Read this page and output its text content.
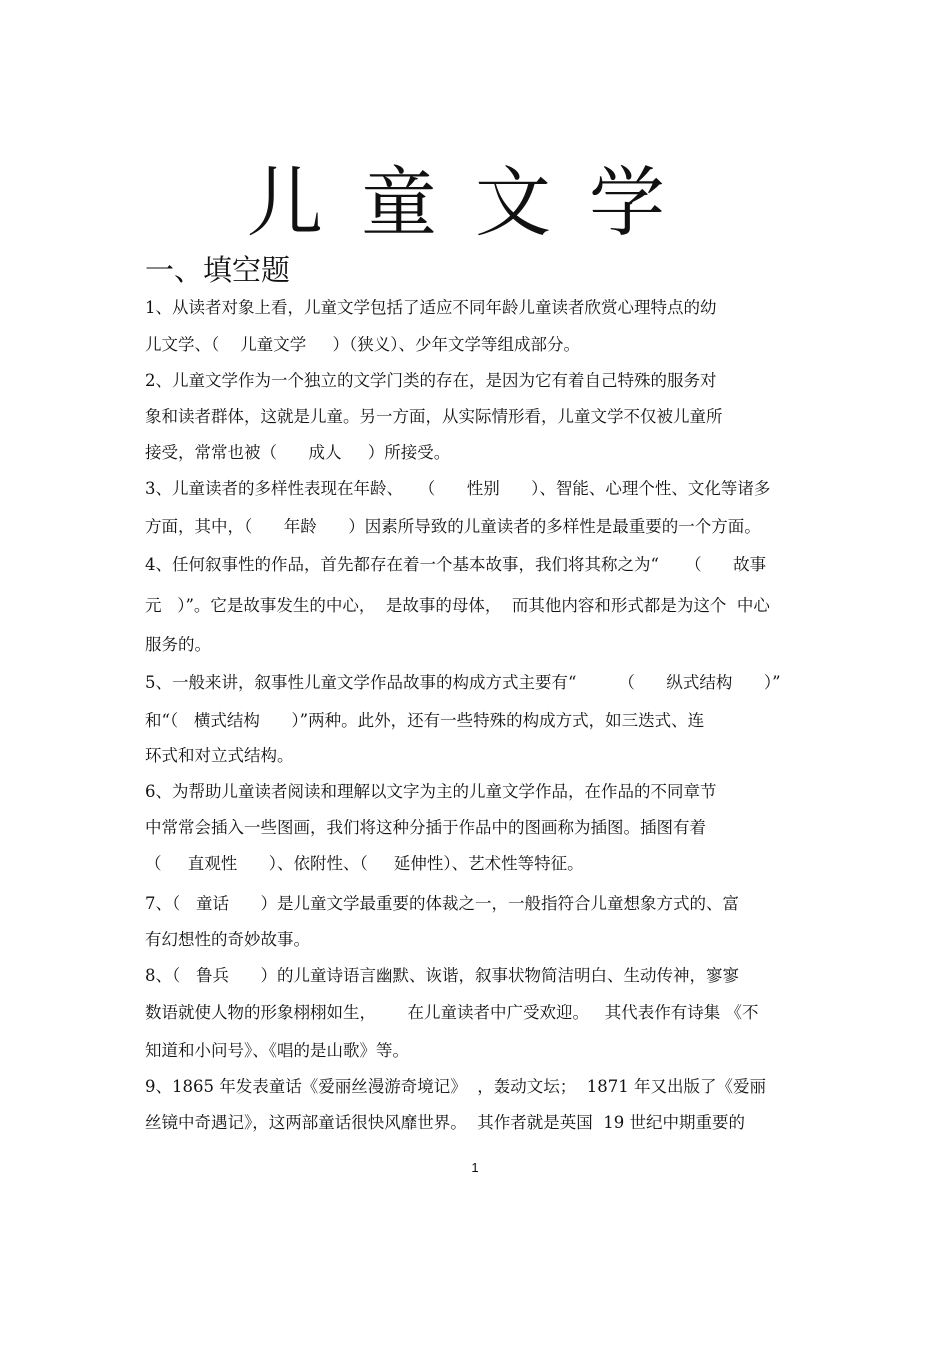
儿童文学
一、填空题
1、从读者对象上看，儿童文学包括了适应不同年龄儿童读者欣赏心理特点的幼
儿文学、（    儿童文学     ）（狭义）、少年文学等组成部分。
2、儿童文学作为一个独立的文学门类的存在，是因为它有着自己特殊的服务对
象和读者群体，这就是儿童。另一方面，从实际情形看，儿童文学不仅被儿童所
接受，常常也被（      成人     ）所接受。
3、儿童读者的多样性表现在年龄、   （      性别      ）、智能、心理个性、文化等诸多
方面，其中，（      年龄      ）因素所导致的儿童读者的多样性是最重要的一个方面。
4、任何叙事性的作品，首先都存在着一个基本故事，我们将其称之为“     （      故事
元   ）”。它是故事发生的中心，  是故事的母体，  而其他内容和形式都是为这个  中心
服务的。
5、一般来讲，叙事性儿童文学作品故事的构成方式主要有“        （      纵式结构      ）”
和“（   横式结构      ）”两种。此外，还有一些特殊的构成方式，如三迭式、连
环式和对立式结构。
6、为帮助儿童读者阅读和理解以文字为主的儿童文学作品，在作品的不同章节
中常常会插入一些图画，我们将这种分插于作品中的图画称为插图。插图有着
（     直观性      ）、依附性、（     延伸性）、艺术性等特征。
7、（   童话      ）是儿童文学最重要的体裁之一，一般指符合儿童想象方式的、富
有幻想性的奇妙故事。
8、（   鲁兵      ）的儿童诗语言幽默、诙谐，叙事状物简洁明白、生动传神，寥寥
数语就使人物的形象栩栩如生，      在儿童读者中广受欢迎。   其代表作有诗集 《不
知道和小问号》、《唱的是山歌》等。
9、1865 年发表童话《爱丽丝漫游奇境记》  ，轰动文坛；  1871 年又出版了《爱丽
丝镜中奇遇记》，这两部童话很快风靡世界。  其作者就是英国  19 世纪中期重要的
1
